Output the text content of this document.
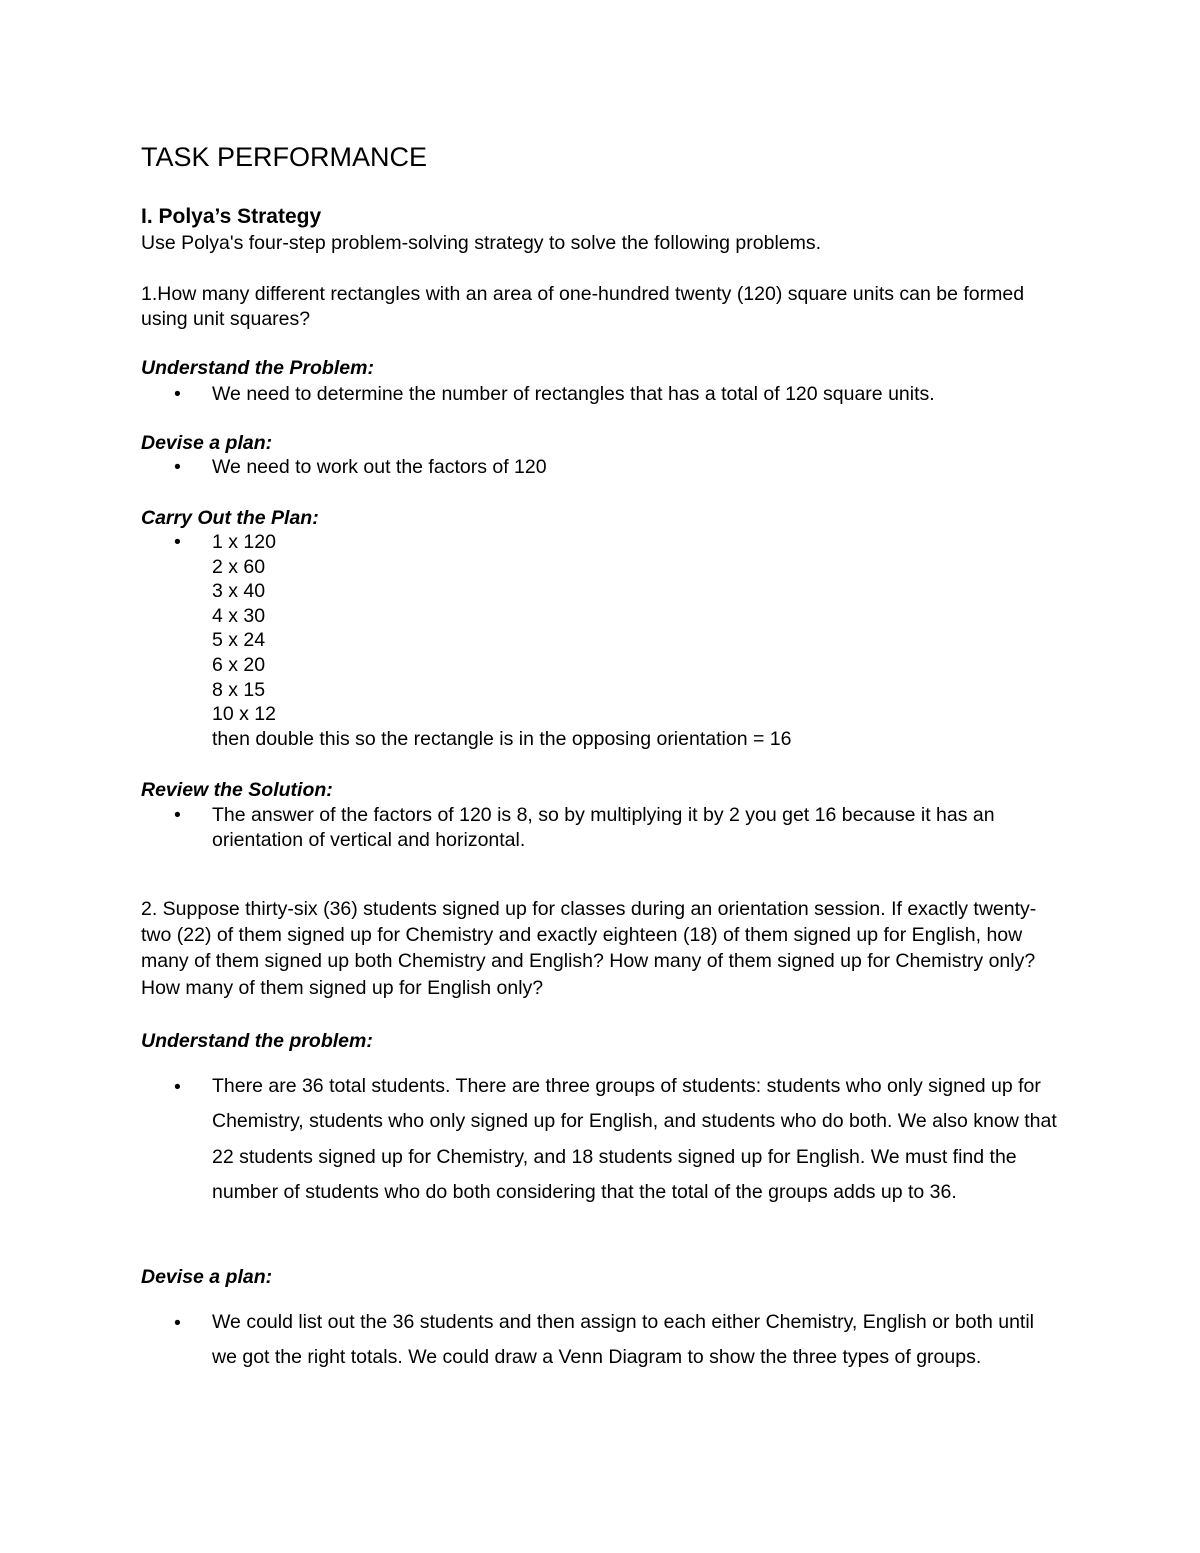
TASK PERFORMANCE
I. Polya’s Strategy

Use Polya's four-step problem-solving strategy to solve the following problems.

1.How many different rectangles with an area of one-hundred twenty (120) square units can be formed using unit squares?

Understand the Problem:

•	We need to determine the number of rectangles that has a total of 120 square units.

Devise a plan:

•	We need to work out the factors of 120

Carry Out the Plan:

•	1 x 120
2 x 60
3 x 40
4 x 30
5 x 24
6 x 20
8 x 15
10 x 12
then double this so the rectangle is in the opposing orientation = 16

Review the Solution:

•	The answer of the factors of 120 is 8, so by multiplying it by 2 you get 16 because it has an orientation of vertical and horizontal.

2. Suppose thirty-six (36) students signed up for classes during an orientation session. If exactly twenty-two (22) of them signed up for Chemistry and exactly eighteen (18) of them signed up for English, how many of them signed up both Chemistry and English? How many of them signed up for Chemistry only? How many of them signed up for English only?

Understand the problem:

•	There are 36 total students. There are three groups of students: students who only signed up for Chemistry, students who only signed up for English, and students who do both. We also know that 22 students signed up for Chemistry, and 18 students signed up for English. We must find the number of students who do both considering that the total of the groups adds up to 36.

Devise a plan:

•	We could list out the 36 students and then assign to each either Chemistry, English or both until we got the right totals. We could draw a Venn Diagram to show the three types of groups.
